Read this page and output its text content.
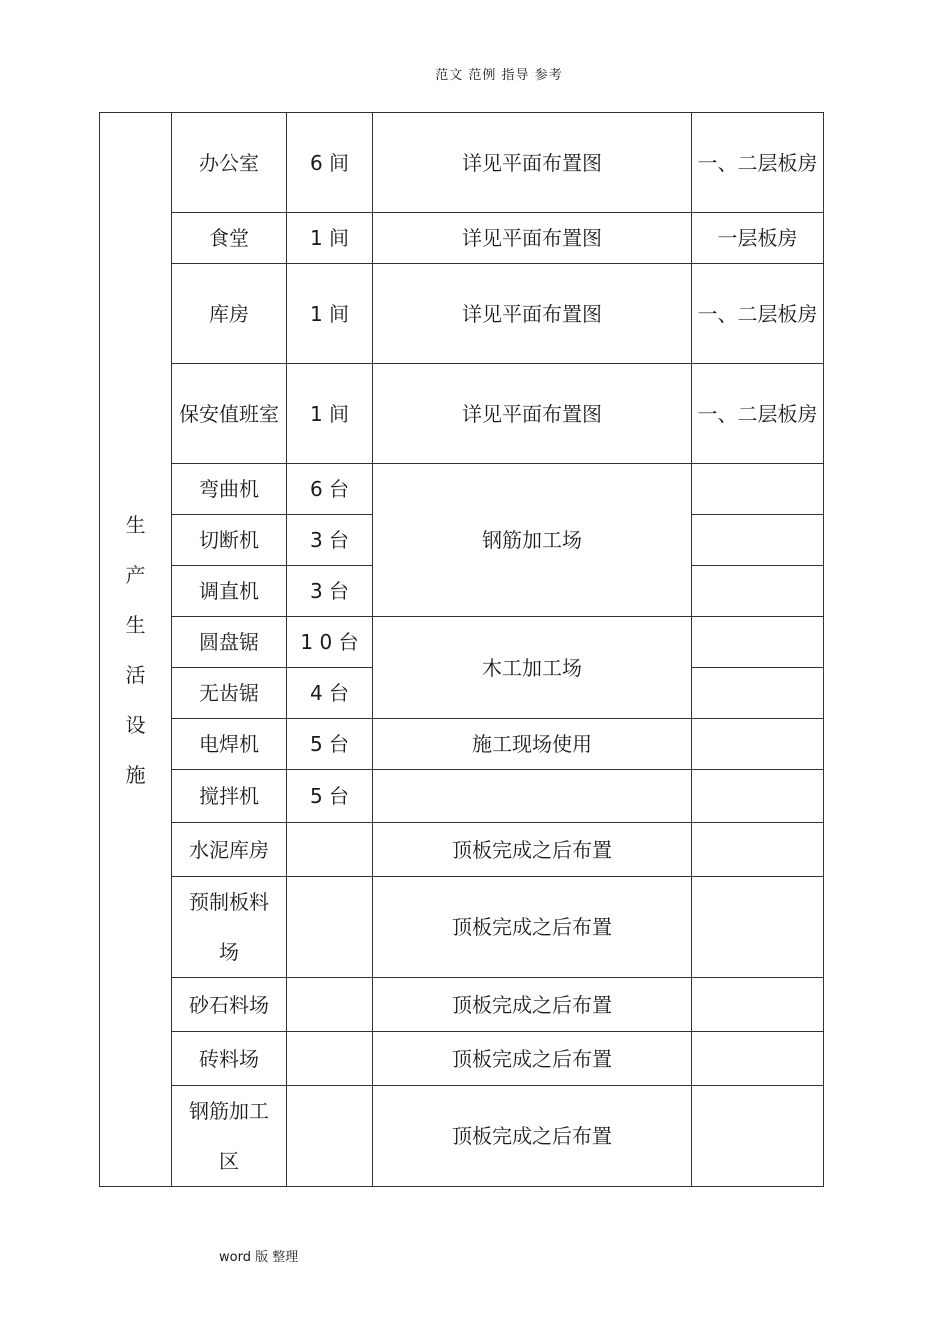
范文 范例 指导 参考
生产生活设施	办公室	6 间	详见平面布置图	一、二层板房
	食堂	1 间	详见平面布置图	一层板房
	库房	1 间	详见平面布置图	一、二层板房
	保安值班室	1 间	详见平面布置图	一、二层板房
	弯曲机	6 台	钢筋加工场	
	切断机	3 台		
	调直机	3 台		
	圆盘锯	1 0 台	木工加工场	
	无齿锯	4 台		
	电焊机	5 台	施工现场使用	
	搅拌机	5 台		
	水泥库房		顶板完成之后布置	
	预制板料场		顶板完成之后布置	
	砂石料场		顶板完成之后布置	
	砖料场		顶板完成之后布置	
	钢筋加工区		顶板完成之后布置	
word 版 整理
